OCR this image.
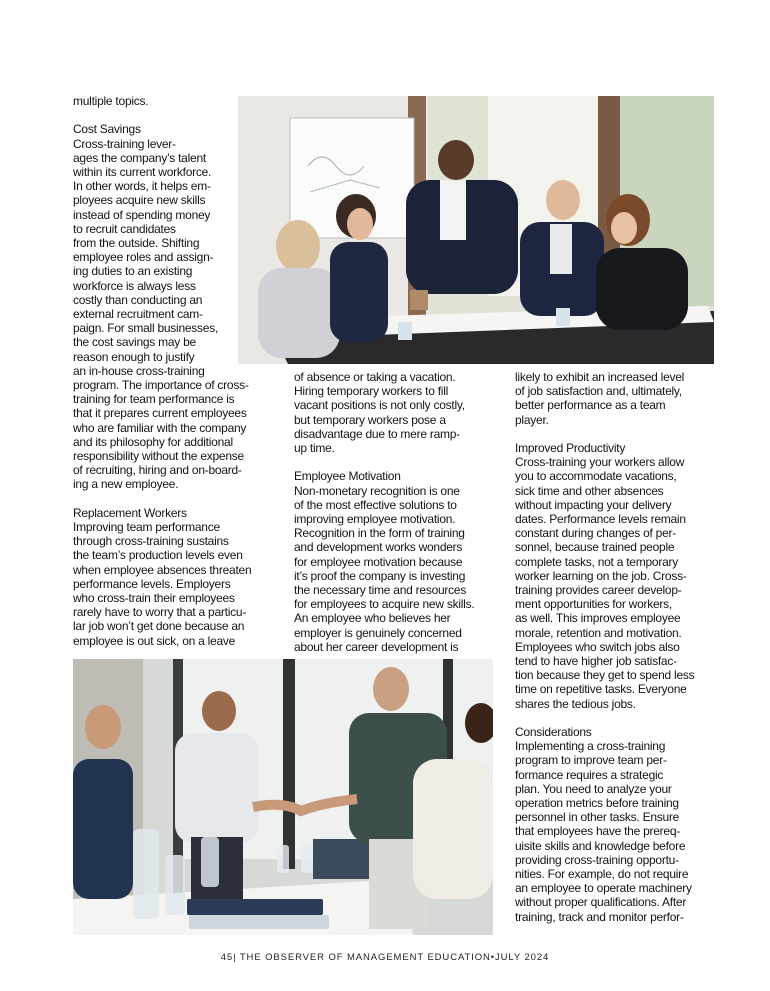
multiple topics.
Cost Savings
Cross-training lever-
ages the company’s talent
within its current workforce.
In other words, it helps em-
ployees acquire new skills
instead of spending money
to recruit candidates
from the outside. Shifting
employee roles and assign-
ing duties to an existing
workforce is always less
costly than conducting an
external recruitment cam-
paign. For small businesses,
the cost savings may be
reason enough to justify
an in-house cross-training
program. The importance of cross-
training for team performance is
that it prepares current employees
who are familiar with the company
and its philosophy for additional
responsibility without the expense
of recruiting, hiring and on-board-
ing a new employee.
Replacement Workers
Improving team performance
through cross-training sustains
the team’s production levels even
when employee absences threaten
performance levels. Employers
who cross-train their employees
rarely have to worry that a particu-
lar job won’t get done because an
employee is out sick, on a leave
of absence or taking a vacation.
Hiring temporary workers to fill
vacant positions is not only costly,
but temporary workers pose a
disadvantage due to mere ramp-
up time.
Employee Motivation
Non-monetary recognition is one
of the most effective solutions to
improving employee motivation.
Recognition in the form of training
and development works wonders
for employee motivation because
it’s proof the company is investing
the necessary time and resources
for employees to acquire new skills.
An employee who believes her
employer is genuinely concerned
about her career development is
likely to exhibit an increased level
of job satisfaction and, ultimately,
better performance as a team
player.
Improved Productivity
Cross-training your workers allow
you to accommodate vacations,
sick time and other absences
without impacting your delivery
dates. Performance levels remain
constant during changes of per-
sonnel, because trained people
complete tasks, not a temporary
worker learning on the job. Cross-
training provides career develop-
ment opportunities for workers,
as well. This improves employee
morale, retention and motivation.
Employees who switch jobs also
tend to have higher job satisfac-
tion because they get to spend less
time on repetitive tasks. Everyone
shares the tedious jobs.
Considerations
Implementing a cross-training
program to improve team per-
formance requires a strategic
plan. You need to analyze your
operation metrics before training
personnel in other tasks. Ensure
that employees have the prereq-
uisite skills and knowledge before
providing cross-training opportu-
nities. For example, do not require
an employee to operate machinery
without proper qualifications. After
training, track and monitor perfor-
45| THE OBSERVER OF MANAGEMENT EDUCATION•JULY 2024
